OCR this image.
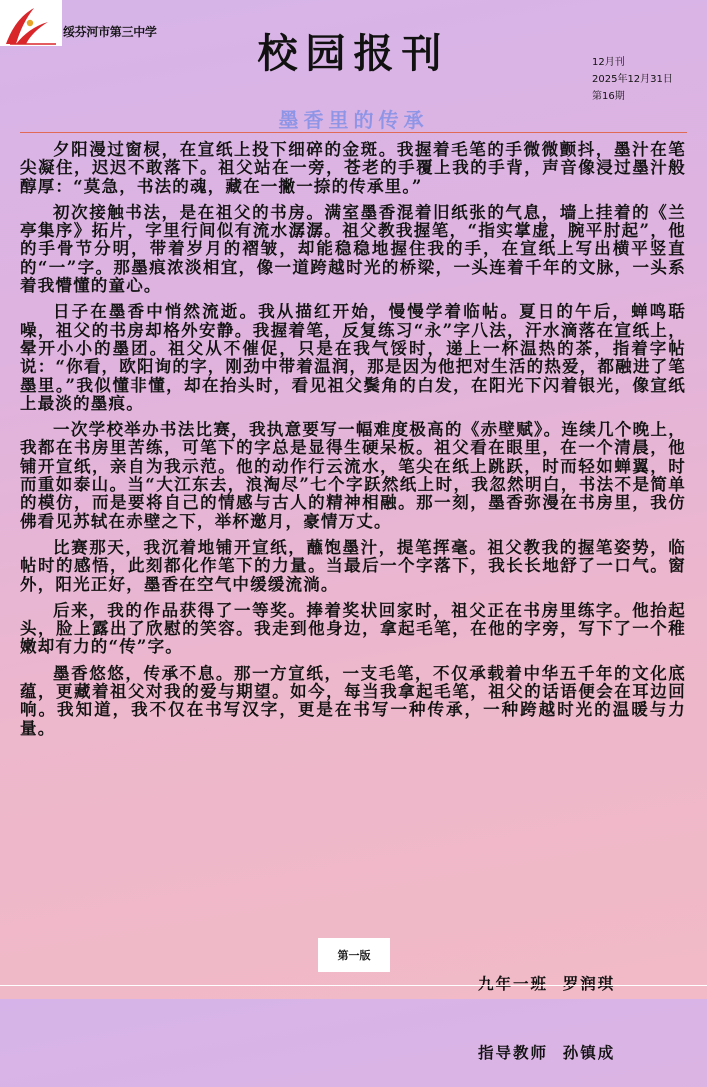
绥芬河市第三中学	校园报刊	12月刊
2025年12月31日
第16期
墨香里的传承

夕阳漫过窗棂，在宣纸上投下细碎的金斑。我握着毛笔的手微微颤抖，墨汁在笔尖凝住，迟迟不敢落下。祖父站在一旁，苍老的手覆上我的手背，声音像浸过墨汁般醇厚：“莫急，书法的魂，藏在一撇一捺的传承里。”

初次接触书法，是在祖父的书房。满室墨香混着旧纸张的气息，墙上挂着的《兰亭集序》拓片，字里行间似有流水潺潺。祖父教我握笔，“指实掌虚，腕平肘起”，他的手骨节分明，带着岁月的褶皱，却能稳稳地握住我的手，在宣纸上写出横平竖直的“一”字。那墨痕浓淡相宜，像一道跨越时光的桥梁，一头连着千年的文脉，一头系着我懵懂的童心。

日子在墨香中悄然流逝。我从描红开始，慢慢学着临帖。夏日的午后，蝉鸣聒噪，祖父的书房却格外安静。我握着笔，反复练习“永”字八法，汗水滴落在宣纸上，晕开小小的墨团。祖父从不催促，只是在我气馁时，递上一杯温热的茶，指着字帖说：“你看，欧阳询的字，刚劲中带着温润，那是因为他把对生活的热爱，都融进了笔墨里。”我似懂非懂，却在抬头时，看见祖父鬓角的白发，在阳光下闪着银光，像宣纸上最淡的墨痕。

一次学校举办书法比赛，我执意要写一幅难度极高的《赤壁赋》。连续几个晚上，我都在书房里苦练，可笔下的字总是显得生硬呆板。祖父看在眼里，在一个清晨，他铺开宣纸，亲自为我示范。他的动作行云流水，笔尖在纸上跳跃，时而轻如蝉翼，时而重如泰山。当“大江东去，浪淘尽”七个字跃然纸上时，我忽然明白，书法不是简单的模仿，而是要将自己的情感与古人的精神相融。那一刻，墨香弥漫在书房里，我仿佛看见苏轼在赤壁之下，举杯邀月，豪情万丈。

比赛那天，我沉着地铺开宣纸，蘸饱墨汁，提笔挥毫。祖父教我的握笔姿势，临帖时的感悟，此刻都化作笔下的力量。当最后一个字落下，我长长地舒了一口气。窗外，阳光正好，墨香在空气中缓缓流淌。

后来，我的作品获得了一等奖。捧着奖状回家时，祖父正在书房里练字。他抬起头，脸上露出了欣慰的笑容。我走到他身边，拿起毛笔，在他的字旁，写下了一个稚嫩却有力的“传”字。

墨香悠悠，传承不息。那一方宣纸，一支毛笔，不仅承载着中华五千年的文化底蕴，更藏着祖父对我的爱与期望。如今，每当我拿起毛笔，祖父的话语便会在耳边回响。我知道，我不仅在书写汉字，更是在书写一种传承，一种跨越时光的温暖与力量。

第一版

九年一班  罗润琪

指导教师  孙镇成
